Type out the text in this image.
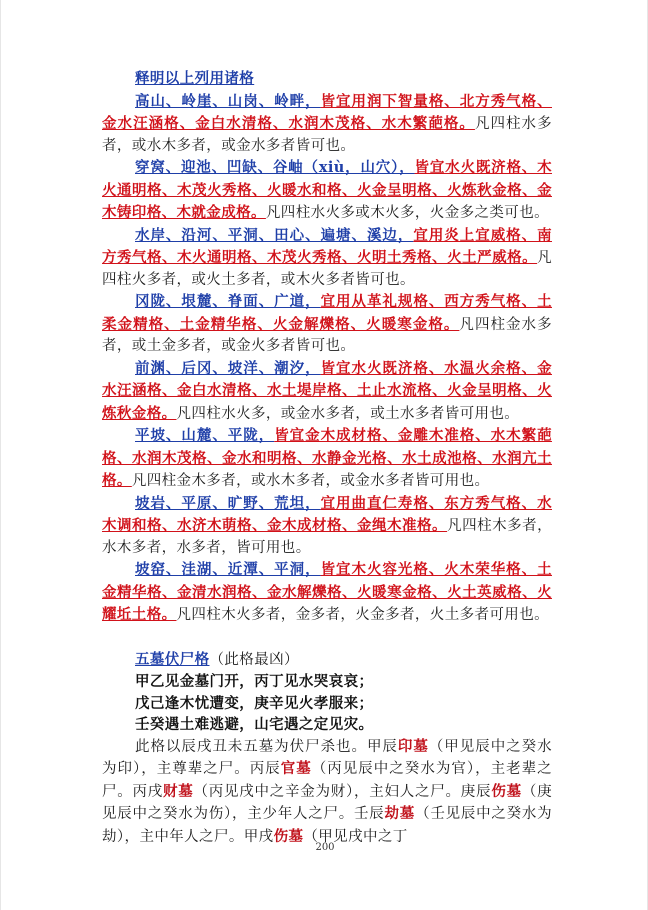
释明以上列用诸格

高山、岭崖、山岗、岭畔，皆宜用润下智量格、北方秀气格、金水汪涵格、金白水清格、水润木茂格、水木繁葩格。凡四柱水多者，或水木多者，或金水多者皆可也。

穿窝、迎池、凹缺、谷岫（xiù，山穴），皆宜水火既济格、木火通明格、木茂火秀格、火暖水和格、火金呈明格、火炼秋金格、金木铸印格、木就金成格。凡四柱水火多或木火多，火金多之类可也。

水岸、沿河、平洞、田心、遍塘、溪边，宜用炎上宜威格、南方秀气格、木火通明格、木茂火秀格、火明土秀格、火土严威格。凡四柱火多者，或火土多者，或木火多者皆可也。

冈陇、垠麓、脊面、广道，宜用从革礼规格、西方秀气格、土柔金精格、土金精华格、火金解爍格、火暖寒金格。凡四柱金水多者，或土金多者，或金火多者皆可也。

前渊、后冈、坡洋、潮汐，皆宜水火既济格、水温火余格、金水汪涵格、金白水清格、水土堤岸格、土止水流格、火金呈明格、火炼秋金格。凡四柱水火多，或金水多者，或土水多者皆可用也。

平坡、山麓、平陇，皆宜金木成材格、金雕木准格、水木繁葩格、水润木茂格、金水和明格、水静金光格、水土成池格、水润亢土格。凡四柱金木多者，或水木多者，或金水多者皆可用也。

坡岩、平原、旷野、荒坦，宜用曲直仁寿格、东方秀气格、水木调和格、水济木萌格、金木成材格、金绳木准格。凡四柱木多者，水木多者，水多者，皆可用也。

坡窑、洼湖、近潭、平洞，皆宜木火容光格、火木荣华格、土金精华格、金清水润格、金水解爍格、火暖寒金格、火土英威格、火耀坵土格。凡四柱木火多者，金多者，火金多者，火土多者可用也。

五墓伏尸格（此格最凶）

甲乙见金墓门开，丙丁见水哭哀哀；

戊己逢木忧遭变，庚辛见火孝服来；

壬癸遇土难逃避，山宅遇之定见灾。

此格以辰戌丑未五墓为伏尸杀也。甲辰印墓（甲见辰中之癸水为印），主尊辈之尸。丙辰官墓（丙见辰中之癸水为官），主老辈之尸。丙戌财墓（丙见戌中之辛金为财），主妇人之尸。庚辰伤墓（庚见辰中之癸水为伤），主少年人之尸。壬辰劫墓（壬见辰中之癸水为劫），主中年人之尸。甲戌伤墓（甲见戌中之丁

200
